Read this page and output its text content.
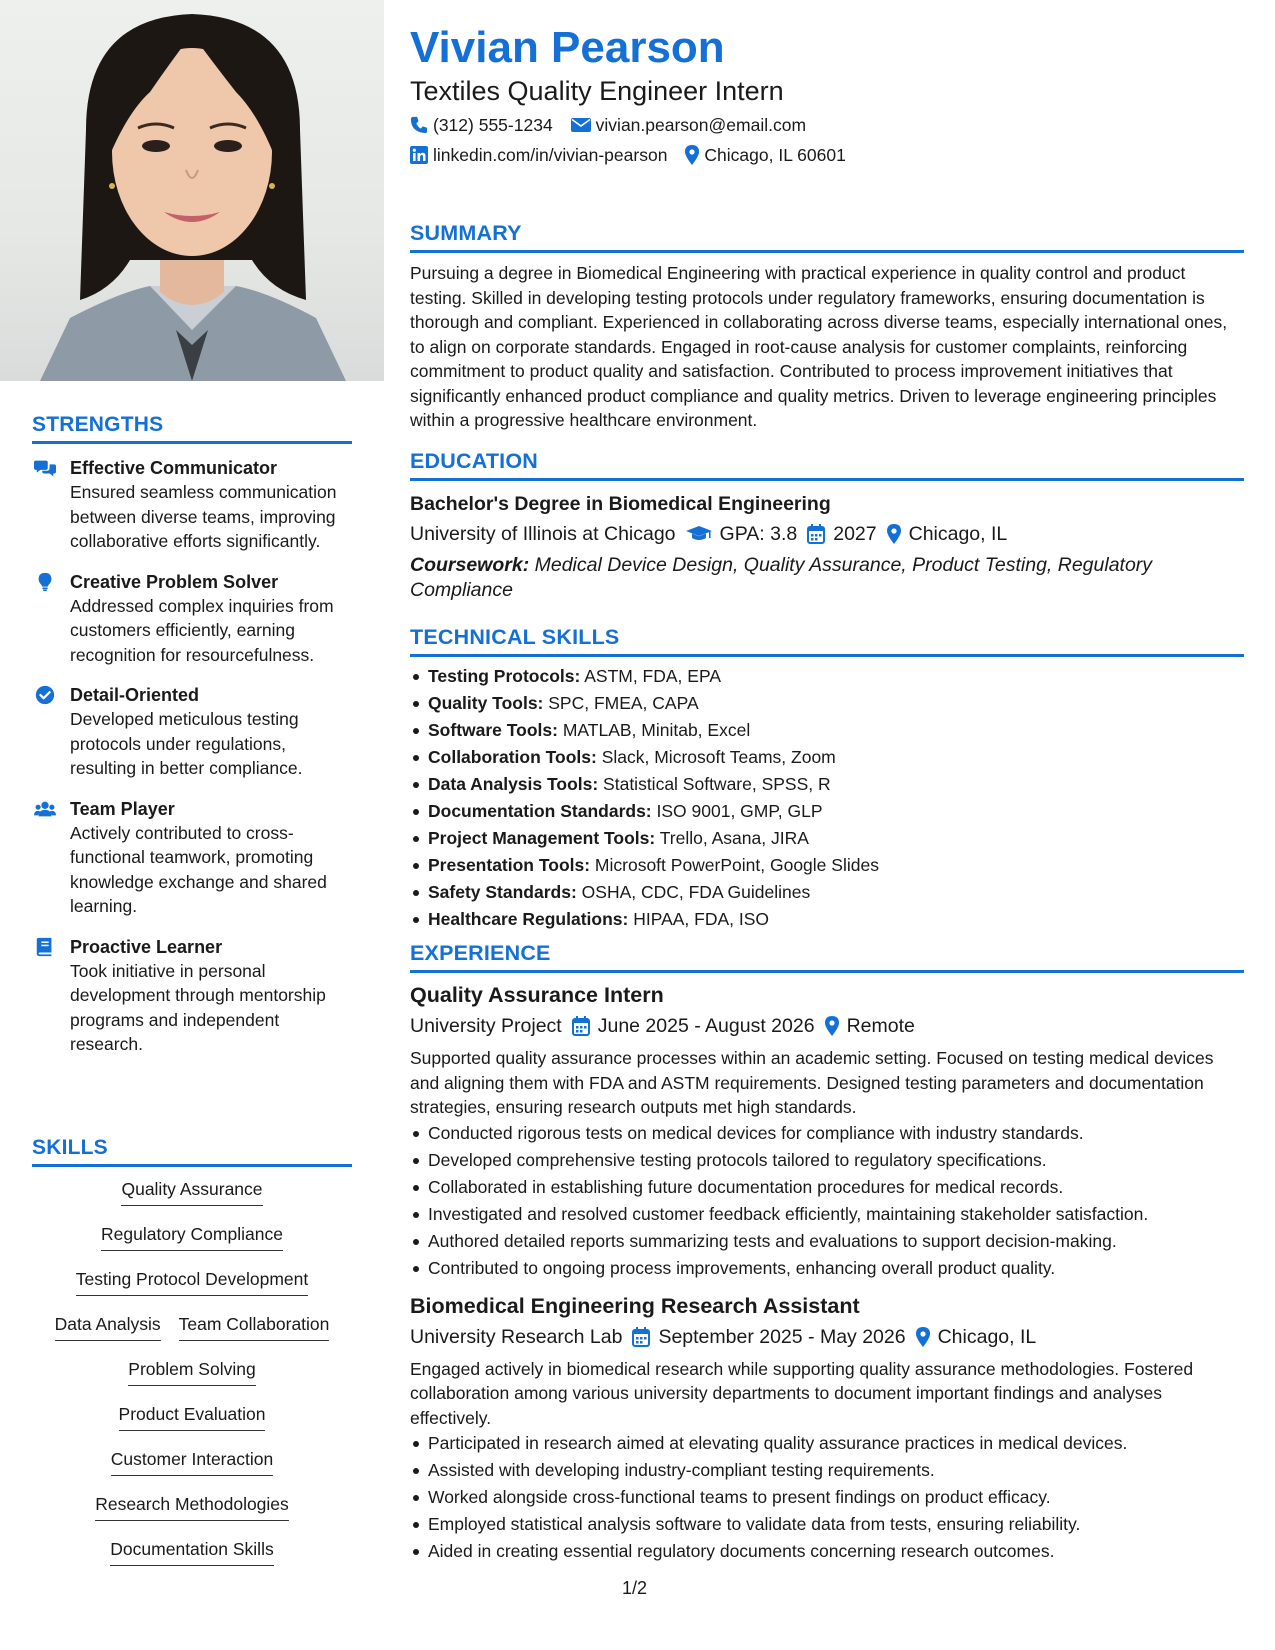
STRENGTHS
Effective Communicator
Ensured seamless communication between diverse teams, improving collaborative efforts significantly.
Creative Problem Solver
Addressed complex inquiries from customers efficiently, earning recognition for resourcefulness.
Detail-Oriented
Developed meticulous testing protocols under regulations, resulting in better compliance.
Team Player
Actively contributed to cross-functional teamwork, promoting knowledge exchange and shared learning.
Proactive Learner
Took initiative in personal development through mentorship programs and independent research.
SKILLS
Quality Assurance
Regulatory Compliance
Testing Protocol Development
Data Analysis Team Collaboration
Problem Solving
Product Evaluation
Customer Interaction
Research Methodologies
Documentation Skills
Vivian Pearson
Textiles Quality Engineer Intern
(312) 555-1234 vivian.pearson@email.com
linkedin.com/in/vivian-pearson Chicago, IL 60601
SUMMARY
Pursuing a degree in Biomedical Engineering with practical experience in quality control and product testing. Skilled in developing testing protocols under regulatory frameworks, ensuring documentation is thorough and compliant. Experienced in collaborating across diverse teams, especially international ones, to align on corporate standards. Engaged in root-cause analysis for customer complaints, reinforcing commitment to product quality and satisfaction. Contributed to process improvement initiatives that significantly enhanced product compliance and quality metrics. Driven to leverage engineering principles within a progressive healthcare environment.
EDUCATION
Bachelor's Degree in Biomedical Engineering
University of Illinois at Chicago GPA: 3.8 2027 Chicago, IL
Coursework: Medical Device Design, Quality Assurance, Product Testing, Regulatory Compliance
TECHNICAL SKILLS
Testing Protocols: ASTM, FDA, EPA
Quality Tools: SPC, FMEA, CAPA
Software Tools: MATLAB, Minitab, Excel
Collaboration Tools: Slack, Microsoft Teams, Zoom
Data Analysis Tools: Statistical Software, SPSS, R
Documentation Standards: ISO 9001, GMP, GLP
Project Management Tools: Trello, Asana, JIRA
Presentation Tools: Microsoft PowerPoint, Google Slides
Safety Standards: OSHA, CDC, FDA Guidelines
Healthcare Regulations: HIPAA, FDA, ISO
EXPERIENCE
Quality Assurance Intern
University Project June 2025 - August 2026 Remote
Supported quality assurance processes within an academic setting. Focused on testing medical devices and aligning them with FDA and ASTM requirements. Designed testing parameters and documentation strategies, ensuring research outputs met high standards.
Conducted rigorous tests on medical devices for compliance with industry standards.
Developed comprehensive testing protocols tailored to regulatory specifications.
Collaborated in establishing future documentation procedures for medical records.
Investigated and resolved customer feedback efficiently, maintaining stakeholder satisfaction.
Authored detailed reports summarizing tests and evaluations to support decision-making.
Contributed to ongoing process improvements, enhancing overall product quality.
Biomedical Engineering Research Assistant
University Research Lab September 2025 - May 2026 Chicago, IL
Engaged actively in biomedical research while supporting quality assurance methodologies. Fostered collaboration among various university departments to document important findings and analyses effectively.
Participated in research aimed at elevating quality assurance practices in medical devices.
Assisted with developing industry-compliant testing requirements.
Worked alongside cross-functional teams to present findings on product efficacy.
Employed statistical analysis software to validate data from tests, ensuring reliability.
Aided in creating essential regulatory documents concerning research outcomes.
1/2
